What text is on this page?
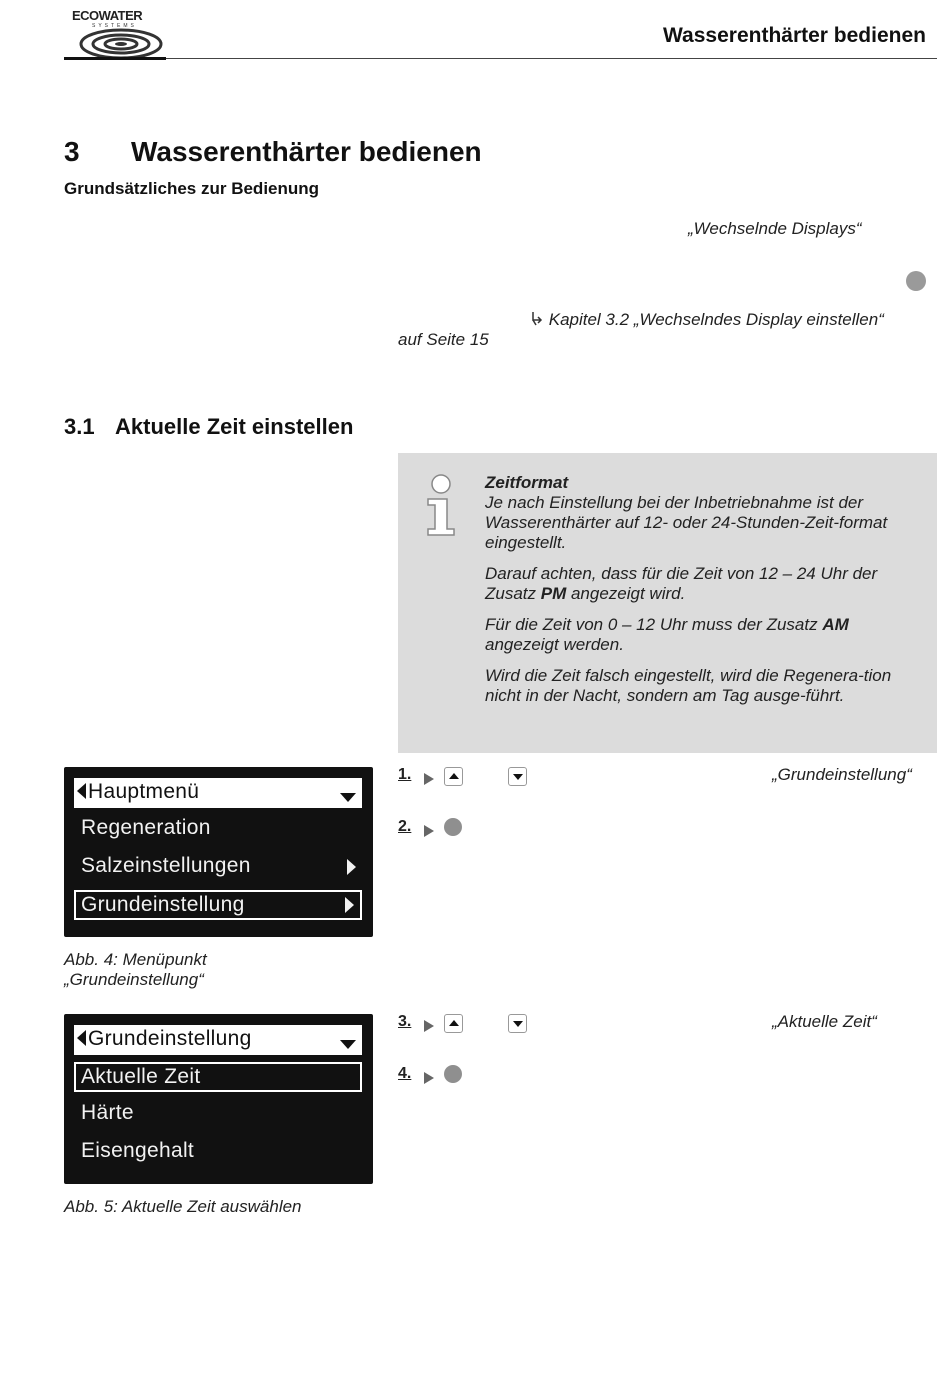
ECOWATER
SYSTEMS	Wasserenthärter bedienen
3 Wasserenthärter bedienen
Grundsätzliches zur Bedienung
„Wechselnde Displays“
Kapitel 3.2 „Wechselndes Display einstellen“
auf Seite 15
3.1 Aktuelle Zeit einstellen

Zeitformat
Je nach Einstellung bei der Inbetriebnahme ist der Wasserenthärter auf 12- oder 24-Stunden-Zeit-format eingestellt.

Darauf achten, dass für die Zeit von 12 – 24 Uhr der Zusatz PM angezeigt wird.

Für die Zeit von 0 – 12 Uhr muss der Zusatz AM angezeigt werden.

Wird die Zeit falsch eingestellt, wird die Regenera-tion nicht in der Nacht, sondern am Tag ausge-führt.

Hauptmenü
Regeneration
Salzeinstellungen
Grundeinstellung
Abb. 4: Menüpunkt
„Grundeinstellung“
Grundeinstellung
Aktuelle Zeit
Härte
Eisengehalt
Abb. 5: Aktuelle Zeit auswählen
1.	„Grundeinstellung“
2.
3.	„Aktuelle Zeit“
4.
